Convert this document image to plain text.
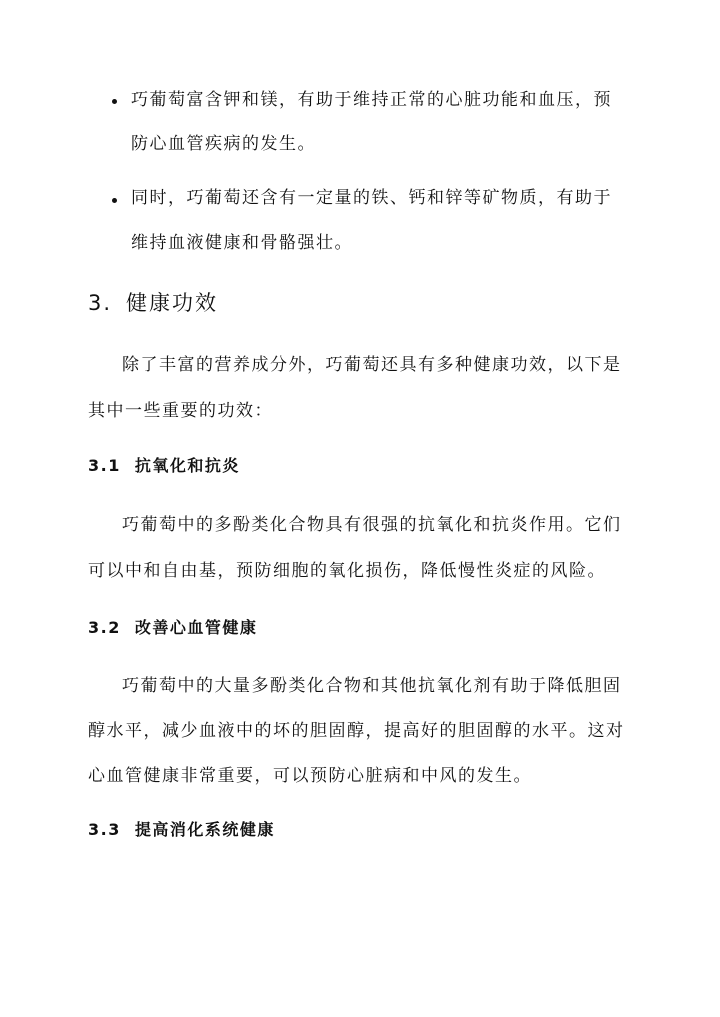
巧葡萄富含钾和镁，有助于维持正常的心脏功能和血压，预
防心血管疾病的发生。
同时，巧葡萄还含有一定量的铁、钙和锌等矿物质，有助于
维持血液健康和骨骼强壮。
3. 健康功效
除了丰富的营养成分外，巧葡萄还具有多种健康功效，以下是
其中一些重要的功效：
3.1 抗氧化和抗炎
巧葡萄中的多酚类化合物具有很强的抗氧化和抗炎作用。它们
可以中和自由基，预防细胞的氧化损伤，降低慢性炎症的风险。
3.2 改善心血管健康
巧葡萄中的大量多酚类化合物和其他抗氧化剂有助于降低胆固
醇水平，减少血液中的坏的胆固醇，提高好的胆固醇的水平。这对
心血管健康非常重要，可以预防心脏病和中风的发生。
3.3 提高消化系统健康
